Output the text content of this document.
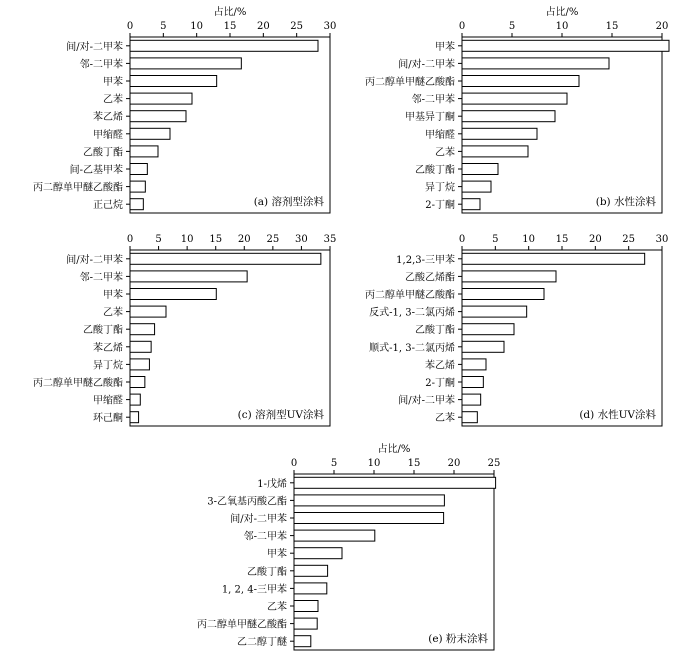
0	5 10 15 20 25 30
占比/%
间/对-二甲苯
邻-二甲苯
甲苯
乙苯
苯乙烯
甲缩醛
乙酸丁酯
间-乙基甲苯
丙二醇单甲醚乙酸酯
正己烷	(a) 溶剂型涂料
0	5	10	15	20
占比/%
甲苯
间/对-二甲苯
丙二醇单甲醚乙酸酯
邻-二甲苯
甲基异丁酮
甲缩醛
乙苯
乙酸丁酯
异丁烷
2-丁酮	(b) 水性涂料
0 5 10 15 20 25 30 35
间/对-二甲苯
邻-二甲苯
甲苯
乙苯
乙酸丁酯
苯乙烯
异丁烷
丙二醇单甲醚乙酸酯
甲缩醛
环己酮	(c) 溶剂型UV涂料
0	5 10 15 20 25 30
1,2,3-三甲苯
乙酸乙烯酯
丙二醇单甲醚乙酸酯
反式-1, 3-二氯丙烯
乙酸丁酯
顺式-1, 3-二氯丙烯
苯乙烯
2-丁酮
间/对-二甲苯
乙苯	(d) 水性UV涂料
0	5	10	15	20	25
占比/%
1-戊烯
3-乙氧基丙酸乙酯
间/对-二甲苯
邻-二甲苯
甲苯
乙酸丁酯
1, 2, 4-三甲苯
乙苯
丙二醇单甲醚乙酸酯
乙二醇丁醚	(e) 粉末涂料
